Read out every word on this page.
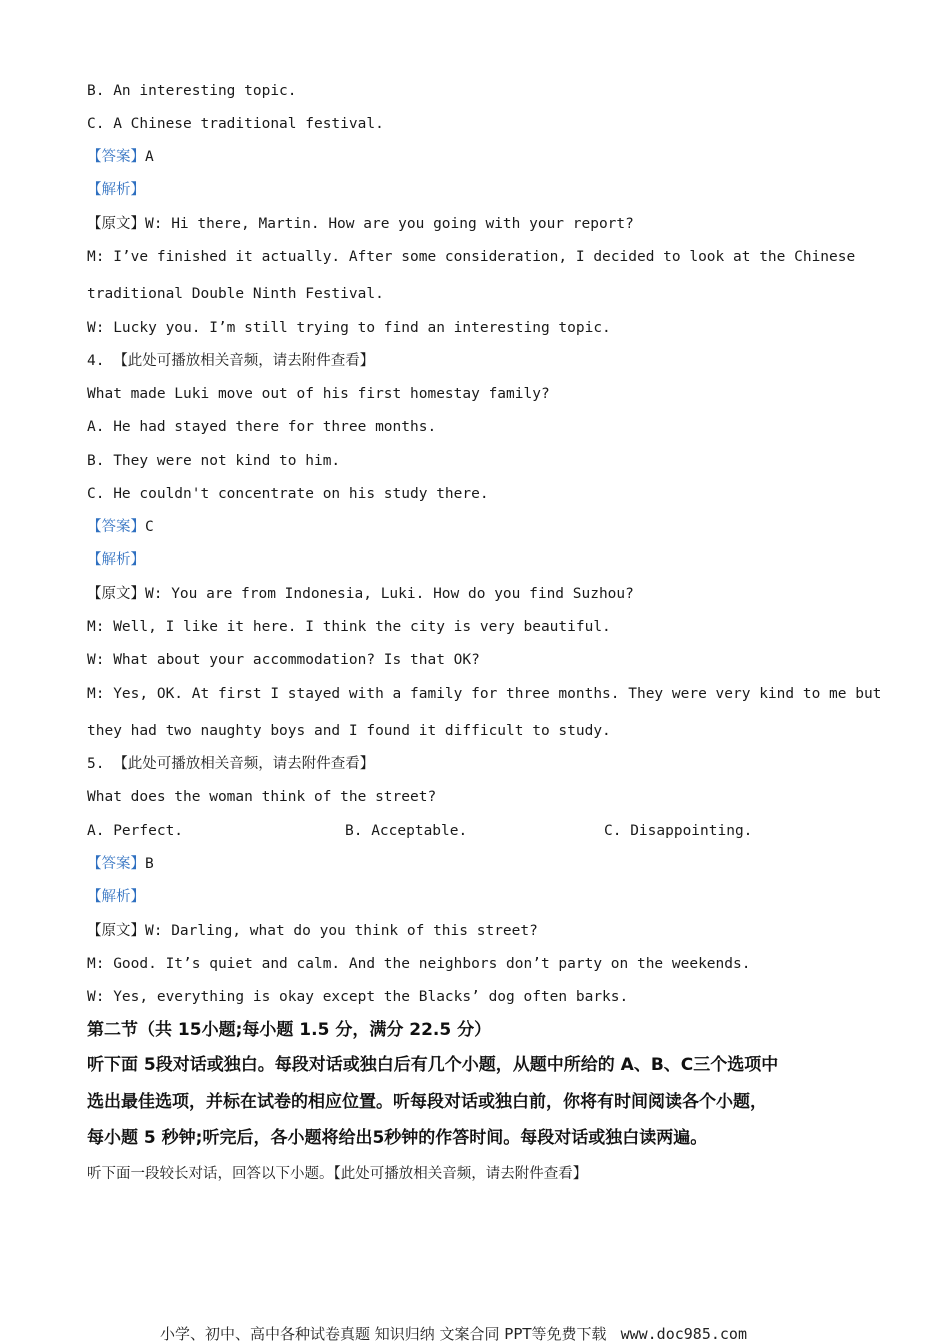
B. An interesting topic.
C. A Chinese traditional festival.
【答案】A
【解析】
【原文】W: Hi there, Martin. How are you going with your report?
M: I’ve finished it actually. After some consideration, I decided to look at the Chinese
traditional Double Ninth Festival.
W: Lucky you. I’m still trying to find an interesting topic.
4. 【此处可播放相关音频，请去附件查看】
What made Luki move out of his first homestay family?
A. He had stayed there for three months.
B. They were not kind to him.
C. He couldn't concentrate on his study there.
【答案】C
【解析】
【原文】W: You are from Indonesia, Luki. How do you find Suzhou?
M: Well, I like it here. I think the city is very beautiful.
W: What about your accommodation? Is that OK?
M: Yes, OK. At first I stayed with a family for three months. They were very kind to me but
they had two naughty boys and I found it difficult to study.
5. 【此处可播放相关音频，请去附件查看】
What does the woman think of the street?
A. Perfect.	B. Acceptable.	C. Disappointing.
【答案】B
【解析】
【原文】W: Darling, what do you think of this street?
M: Good. It’s quiet and calm. And the neighbors don’t party on the weekends.
W: Yes, everything is okay except the Blacks’ dog often barks.
第二节（共 15小题;每小题 1.5 分，满分 22.5 分）
听下面 5段对话或独白。每段对话或独白后有几个小题，从题中所给的 A、B、C三个选项中
选出最佳选项，并标在试卷的相应位置。听每段对话或独白前，你将有时间阅读各个小题，
每小题 5 秒钟;听完后，各小题将给出5秒钟的作答时间。每段对话或独白读两遍。
听下面一段较长对话，回答以下小题。【此处可播放相关音频，请去附件查看】
小学、初中、高中各种试卷真题 知识归纳 文案合同 PPT等免费下载 www.doc985.com
